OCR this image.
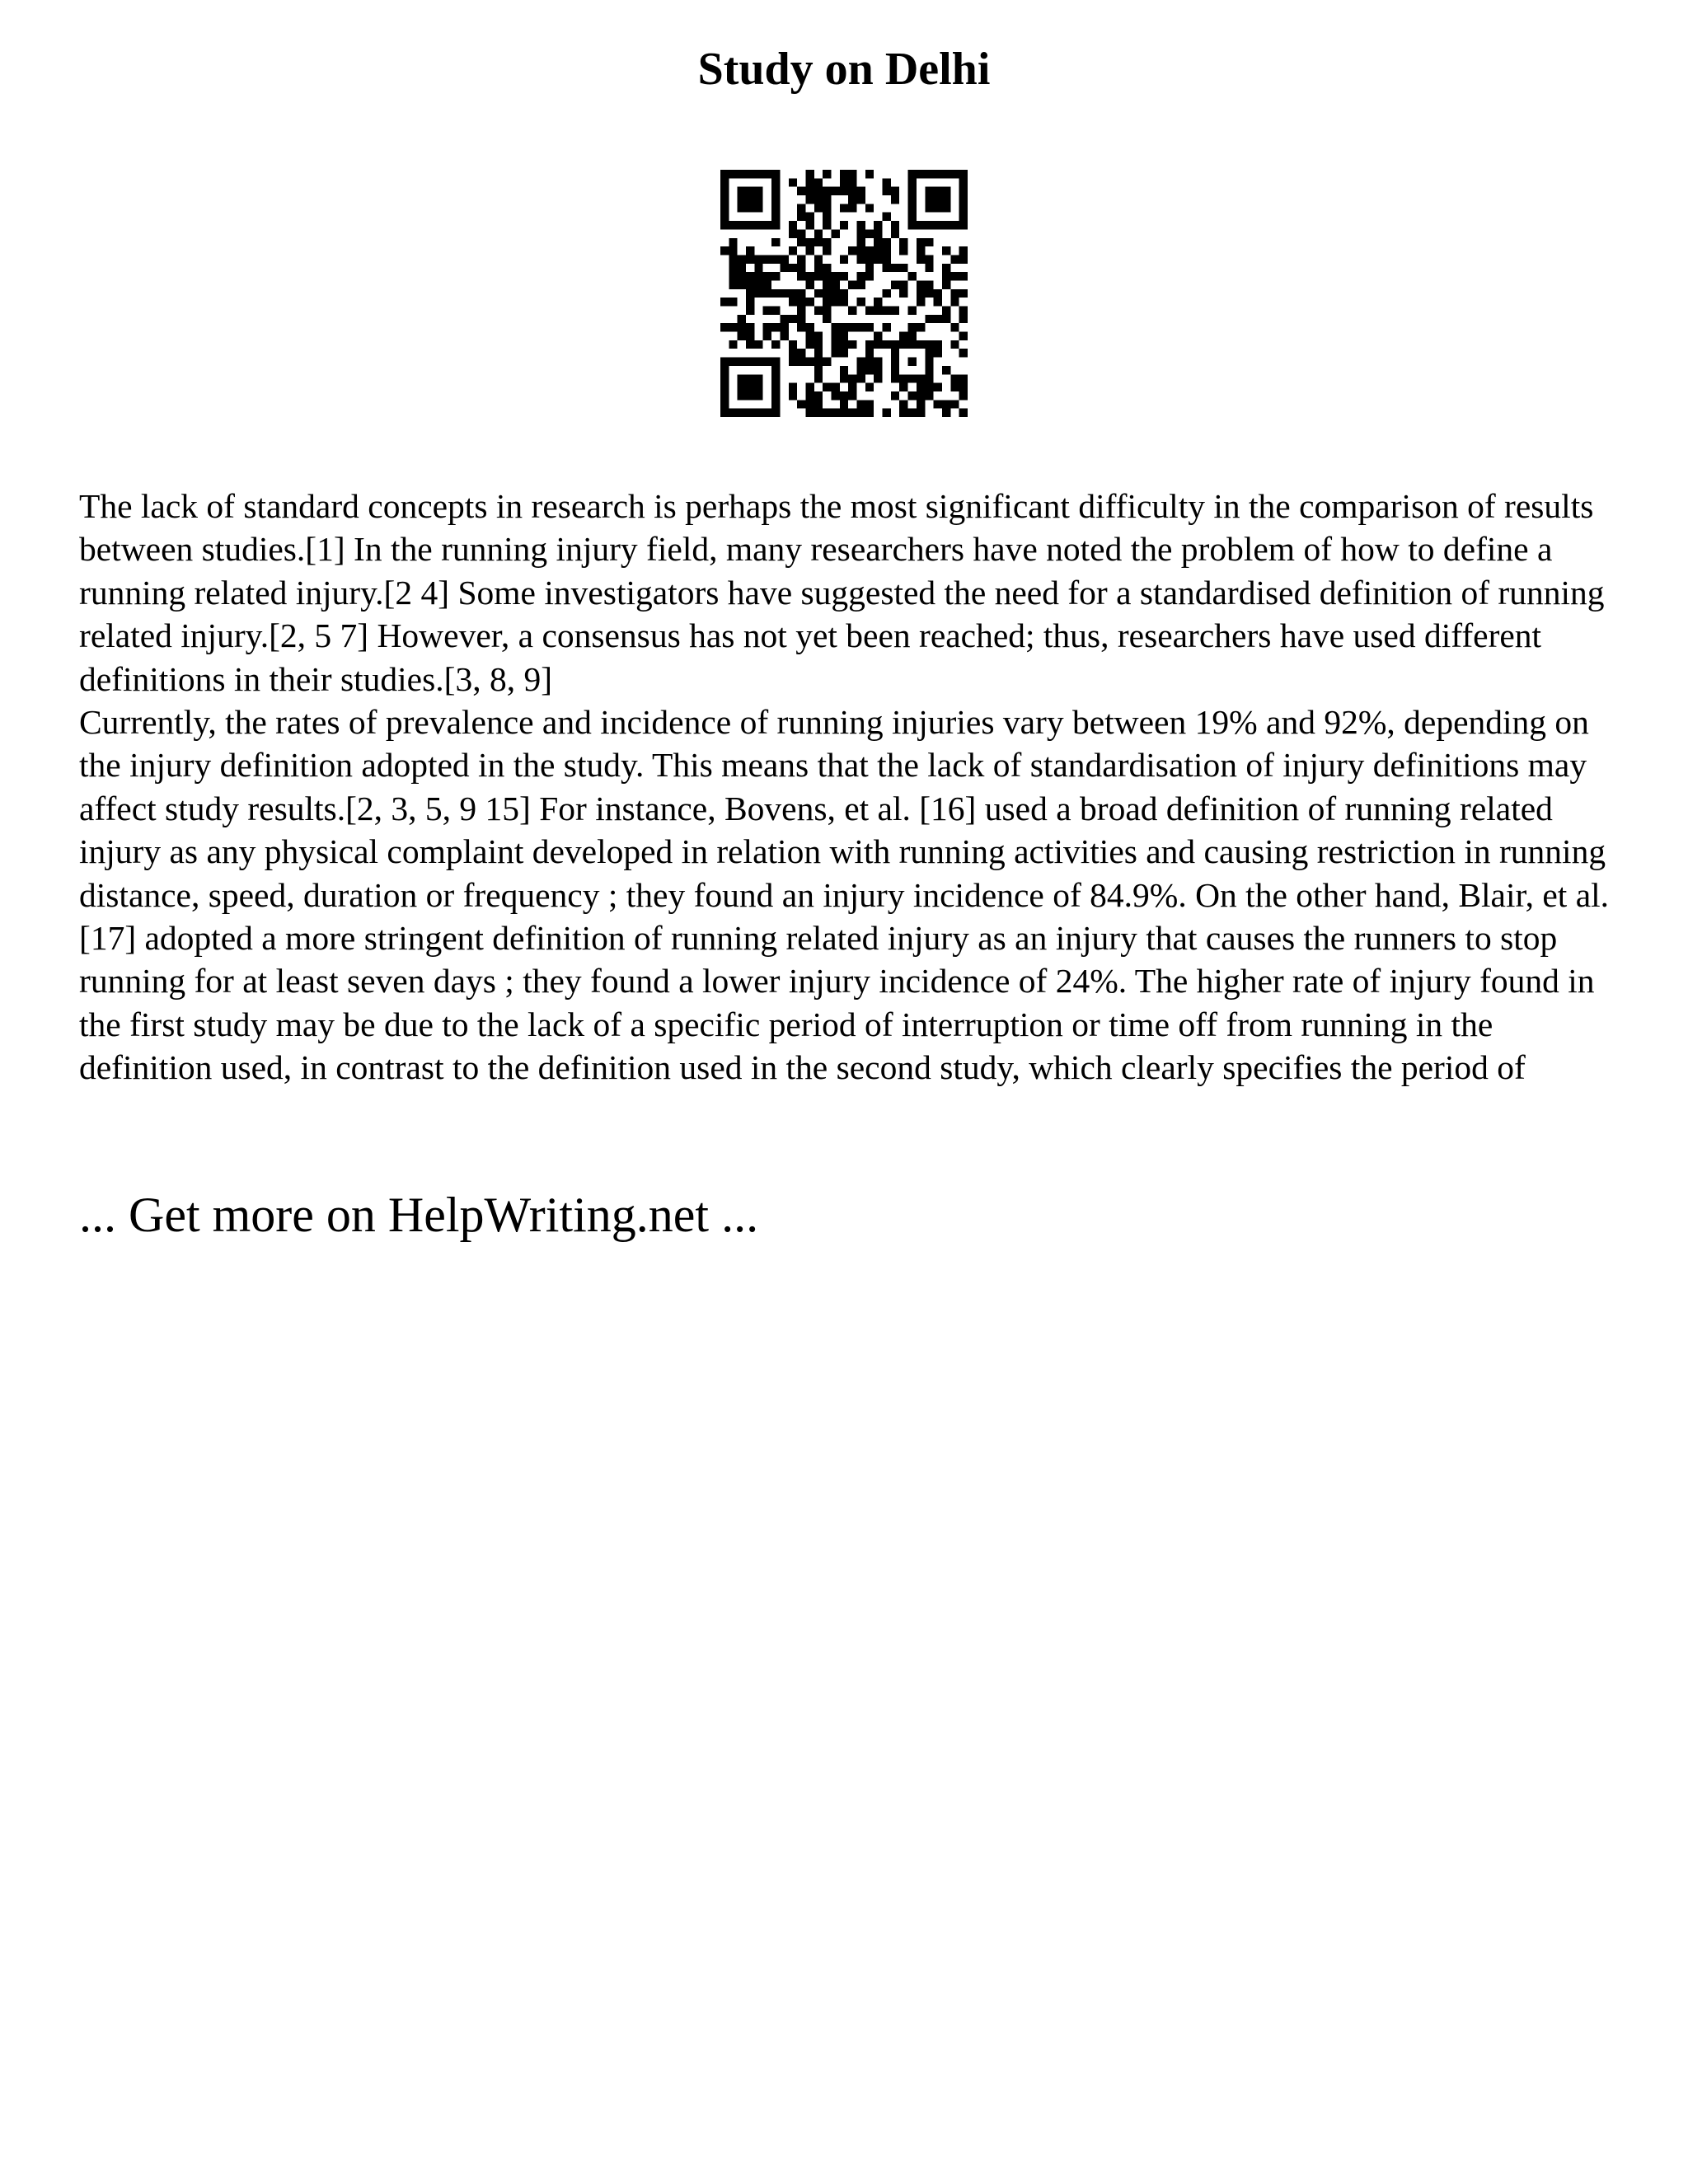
Study on Delhi

The lack of standard concepts in research is perhaps the most significant difficulty in the comparison of results between studies.[1] In the running injury field, many researchers have noted the problem of how to define a running related injury.[2 4] Some investigators have suggested the need for a standardised definition of running related injury.[2, 5 7] However, a consensus has not yet been reached; thus, researchers have used different definitions in their studies.[3, 8, 9]

Currently, the rates of prevalence and incidence of running injuries vary between 19% and 92%, depending on the injury definition adopted in the study. This means that the lack of standardisation of injury definitions may affect study results.[2, 3, 5, 9 15] For instance, Bovens, et al. [16] used a broad definition of running related injury as any physical complaint developed in relation with running activities and causing restriction in running distance, speed, duration or frequency ; they found an injury incidence of 84.9%. On the other hand, Blair, et al. [17] adopted a more stringent definition of running related injury as an injury that causes the runners to stop running for at least seven days ; they found a lower injury incidence of 24%. The higher rate of injury found in the first study may be due to the lack of a specific period of interruption or time off from running in the definition used, in contrast to the definition used in the second study, which clearly specifies the period of

... Get more on HelpWriting.net ...
